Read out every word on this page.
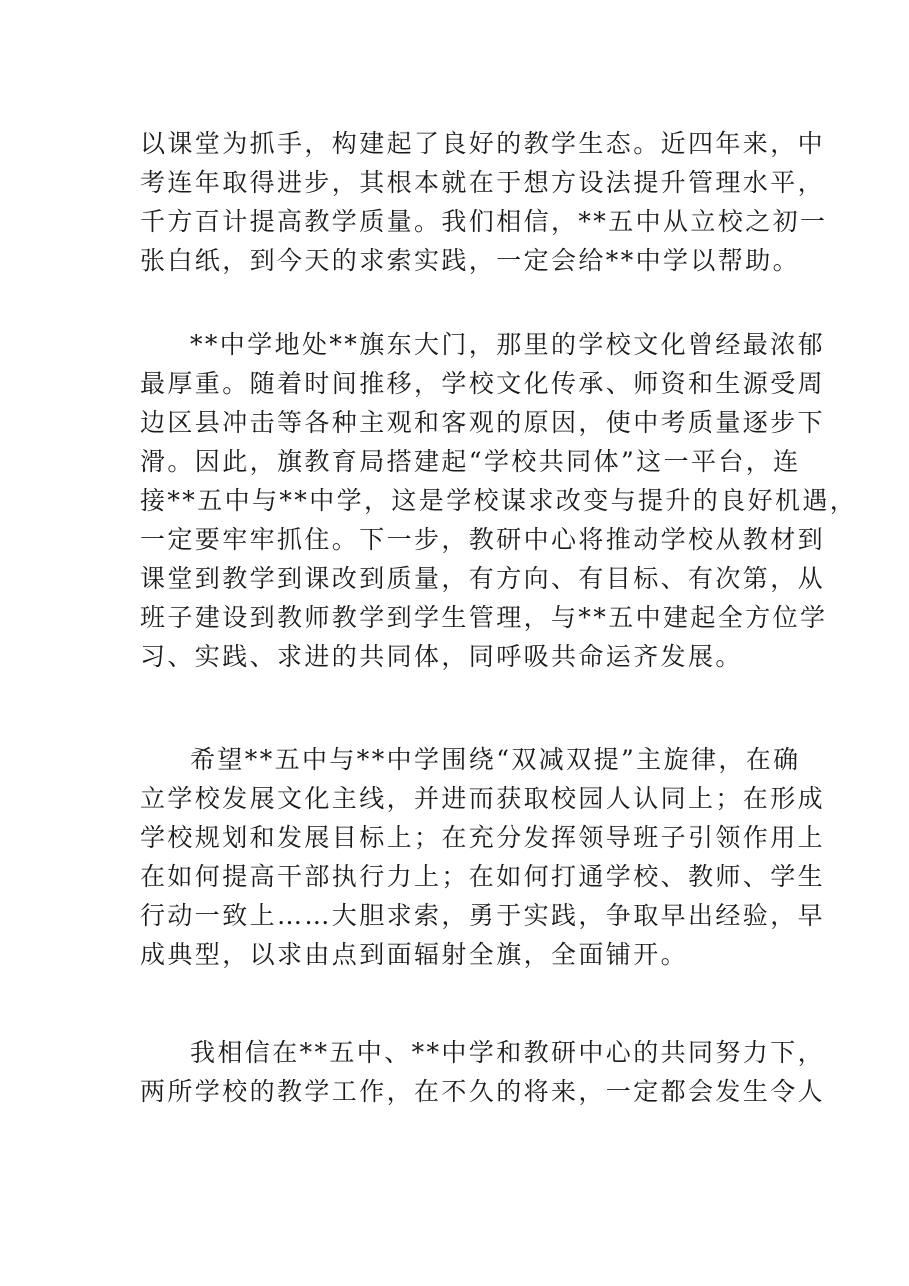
以课堂为抓手，构建起了良好的教学生态。近四年来，中
考连年取得进步，其根本就在于想方设法提升管理水平，
千方百计提高教学质量。我们相信，**五中从立校之初一
张白纸，到今天的求索实践，一定会给**中学以帮助。
**中学地处**旗东大门，那里的学校文化曾经最浓郁
最厚重。随着时间推移，学校文化传承、师资和生源受周
边区县冲击等各种主观和客观的原因，使中考质量逐步下
滑。因此，旗教育局搭建起“学校共同体”这一平台，连
接**五中与**中学，这是学校谋求改变与提升的良好机遇，
一定要牢牢抓住。下一步，教研中心将推动学校从教材到
课堂到教学到课改到质量，有方向、有目标、有次第，从
班子建设到教师教学到学生管理，与**五中建起全方位学
习、实践、求进的共同体，同呼吸共命运齐发展。
希望**五中与**中学围绕“双减双提”主旋律，在确
立学校发展文化主线，并进而获取校园人认同上；在形成
学校规划和发展目标上；在充分发挥领导班子引领作用上
在如何提高干部执行力上；在如何打通学校、教师、学生
行动一致上……大胆求索，勇于实践，争取早出经验，早
成典型，以求由点到面辐射全旗，全面铺开。
我相信在**五中、**中学和教研中心的共同努力下，
两所学校的教学工作，在不久的将来，一定都会发生令人
